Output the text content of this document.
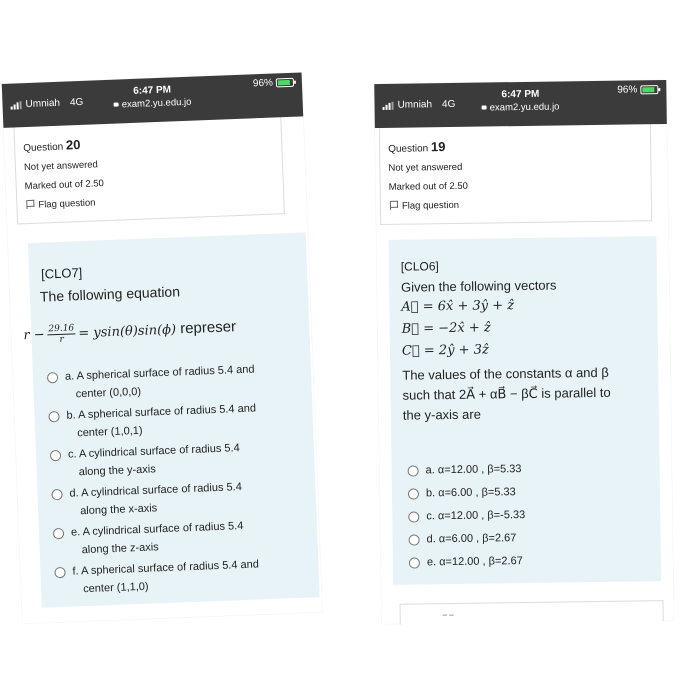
Umniah 4G
6:47 PM
exam2.yu.edu.jo
96%
Question 20
Not yet answered
Marked out of 2.50
Flag question
[CLO7]
The following equation
$r - \frac{29.16}{r} = ysin(\theta)\sin(\phi)$ represer
a. A spherical surface of radius 5.4 and
center (0,0,0)
b. A spherical surface of radius 5.4 and
center (1,0,1)
c. A cylindrical surface of radius 5.4
along the y-axis
d. A cylindrical surface of radius 5.4
along the x-axis
e. A cylindrical surface of radius 5.4
along the z-axis
f. A spherical surface of radius 5.4 and
center (1,1,0)
Umniah 4G
6:47 PM
exam2.yu.edu.jo
96%
Question 19
Not yet answered
Marked out of 2.50
Flag question
[CLO6]
Given the following vectors
A⃗ = 6x̂ + 3ŷ + ẑ
B⃗ = −2x̂ + ẑ
C⃗ = 2ŷ + 3ẑ
The values of the constants α and β
such that 2A⃗ + αB⃗ − βC⃗ is parallel to
the y-axis are
a. α=12.00 , β=5.33
b. α=6.00 , β=5.33
c. α=12.00 , β=-5.33
d. α=6.00 , β=2.67
e. α=12.00 , β=2.67
– –
